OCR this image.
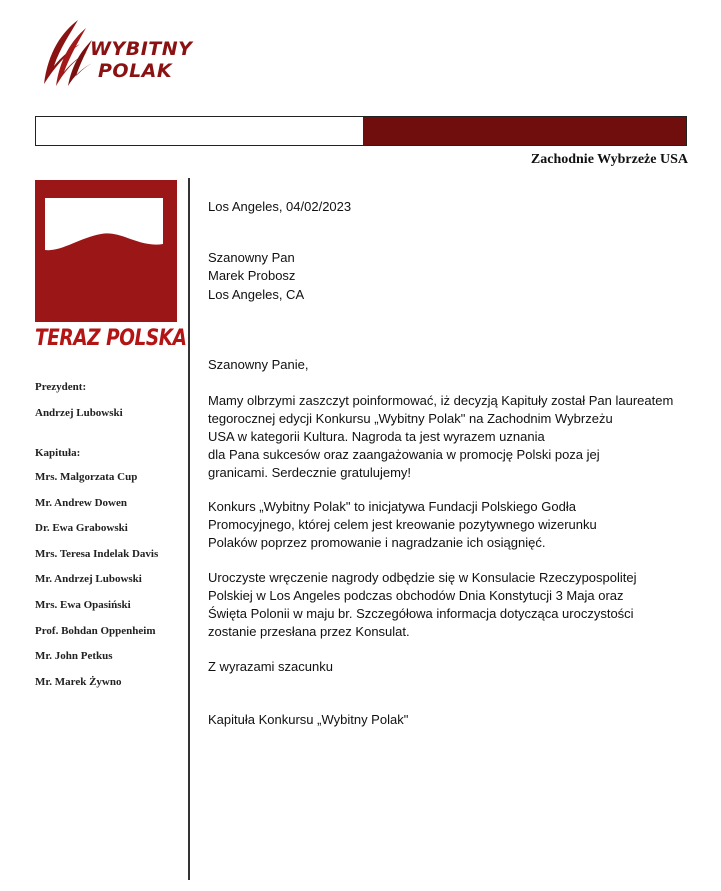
WYBITNY
POLAK
Zachodnie Wybrzeże USA
TERAZ POLSKA
Prezydent:
Andrzej Lubowski
Kapituła:
Mrs. Malgorzata Cup
Mr. Andrew Dowen
Dr. Ewa Grabowski
Mrs. Teresa Indelak Davis
Mr. Andrzej Lubowski
Mrs. Ewa Opasiński
Prof. Bohdan Oppenheim
Mr. John Petkus
Mr. Marek Żywno
Los Angeles, 04/02/2023
Szanowny Pan
Marek Probosz
Los Angeles, CA
Szanowny Panie,
Mamy olbrzymi zaszczyt poinformować, iż decyzją Kapituły został Pan laureatem
tegorocznej edycji Konkursu „Wybitny Polak" na Zachodnim Wybrzeżu
USA w kategorii Kultura. Nagroda ta jest wyrazem uznania
dla Pana sukcesów oraz zaangażowania w promocję Polski poza jej
granicami. Serdecznie gratulujemy!
Konkurs „Wybitny Polak" to inicjatywa Fundacji Polskiego Godła
Promocyjnego, której celem jest kreowanie pozytywnego wizerunku
Polaków poprzez promowanie i nagradzanie ich osiągnięć.
Uroczyste wręczenie nagrody odbędzie się w Konsulacie Rzeczypospolitej
Polskiej w Los Angeles podczas obchodów Dnia Konstytucji 3 Maja oraz
Święta Polonii w maju br. Szczegółowa informacja dotycząca uroczystości
zostanie przesłana przez Konsulat.
Z wyrazami szacunku
Kapituła Konkursu „Wybitny Polak"
